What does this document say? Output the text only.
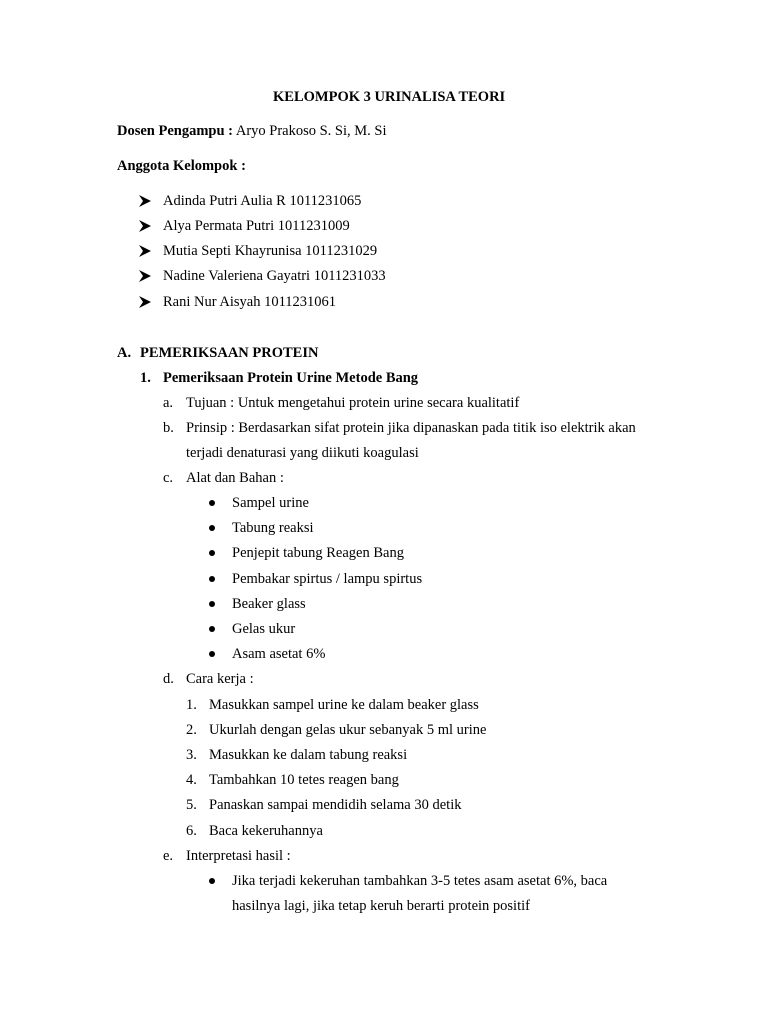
KELOMPOK 3 URINALISA TEORI
Dosen Pengampu : Aryo Prakoso S. Si, M. Si
Anggota Kelompok :
Adinda Putri Aulia R 1011231065
Alya Permata Putri 1011231009
Mutia Septi Khayrunisa 1011231029
Nadine Valeriena Gayatri 1011231033
Rani Nur Aisyah 1011231061
A. PEMERIKSAAN PROTEIN
1. Pemeriksaan Protein Urine Metode Bang
a. Tujuan : Untuk mengetahui protein urine secara kualitatif
b. Prinsip : Berdasarkan sifat protein jika dipanaskan pada titik iso elektrik akan
terjadi denaturasi yang diikuti koagulasi
c. Alat dan Bahan :
Sampel urine
Tabung reaksi
Penjepit tabung Reagen Bang
Pembakar spirtus / lampu spirtus
Beaker glass
Gelas ukur
Asam asetat 6%
d. Cara kerja :
1. Masukkan sampel urine ke dalam beaker glass
2. Ukurlah dengan gelas ukur sebanyak 5 ml urine
3. Masukkan ke dalam tabung reaksi
4. Tambahkan 10 tetes reagen bang
5. Panaskan sampai mendidih selama 30 detik
6. Baca kekeruhannya
e. Interpretasi hasil :
Jika terjadi kekeruhan tambahkan 3-5 tetes asam asetat 6%, baca
hasilnya lagi, jika tetap keruh berarti protein positif
